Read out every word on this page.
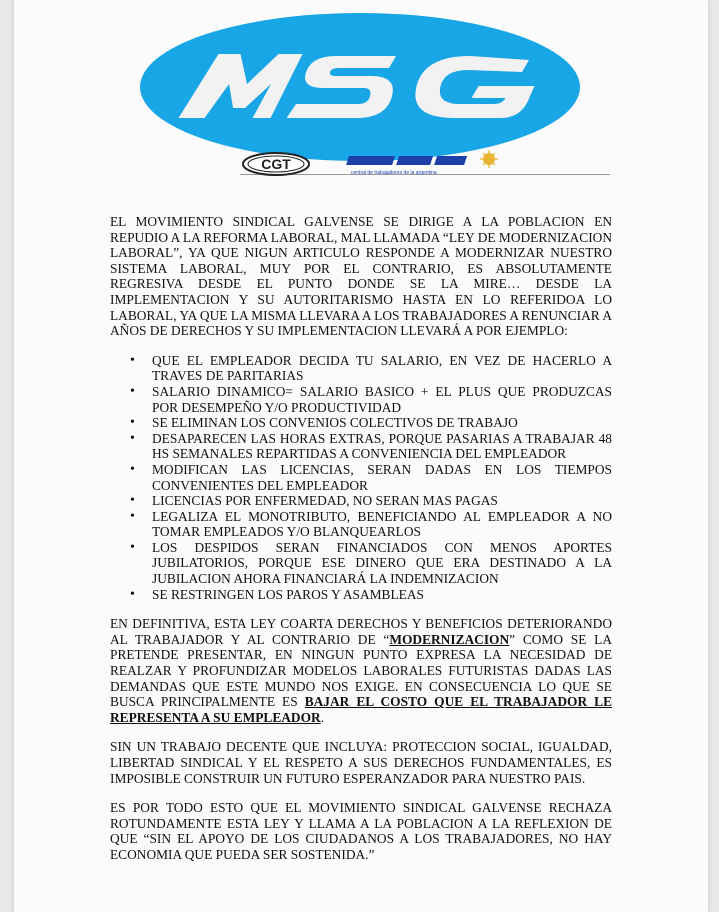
CGT
central de trabajadores de la argentina

EL MOVIMIENTO SINDICAL GALVENSE SE DIRIGE A LA POBLACION EN REPUDIO A LA REFORMA LABORAL, MAL LLAMADA “LEY DE MODERNIZACION LABORAL”, YA QUE NIGUN ARTICULO RESPONDE A MODERNIZAR NUESTRO SISTEMA LABORAL, MUY POR EL CONTRARIO, ES ABSOLUTAMENTE REGRESIVA DESDE EL PUNTO DONDE SE LA MIRE… DESDE LA IMPLEMENTACION Y SU AUTORITARISMO HASTA EN LO REFERIDOA LO LABORAL, YA QUE LA MISMA LLEVARA A LOS TRABAJADORES A RENUNCIAR A AÑOS DE DERECHOS Y SU IMPLEMENTACION LLEVARÁ A POR EJEMPLO:

• QUE EL EMPLEADOR DECIDA TU SALARIO, EN VEZ DE HACERLO A TRAVES DE PARITARIAS
• SALARIO DINAMICO= SALARIO BASICO + EL PLUS QUE PRODUZCAS POR DESEMPEÑO Y/O PRODUCTIVIDAD
• SE ELIMINAN LOS CONVENIOS COLECTIVOS DE TRABAJO
• DESAPARECEN LAS HORAS EXTRAS, PORQUE PASARIAS A TRABAJAR 48 HS SEMANALES REPARTIDAS A CONVENIENCIA DEL EMPLEADOR
• MODIFICAN LAS LICENCIAS, SERAN DADAS EN LOS TIEMPOS CONVENIENTES DEL EMPLEADOR
• LICENCIAS POR ENFERMEDAD, NO SERAN MAS PAGAS
• LEGALIZA EL MONOTRIBUTO, BENEFICIANDO AL EMPLEADOR A NO TOMAR EMPLEADOS Y/O BLANQUEARLOS
• LOS DESPIDOS SERAN FINANCIADOS CON MENOS APORTES JUBILATORIOS, PORQUE ESE DINERO QUE ERA DESTINADO A LA JUBILACION AHORA FINANCIARÁ LA INDEMNIZACION
• SE RESTRINGEN LOS PAROS Y ASAMBLEAS

EN DEFINITIVA, ESTA LEY COARTA DERECHOS Y BENEFICIOS DETERIORANDO AL TRABAJADOR Y AL CONTRARIO DE “MODERNIZACION” COMO SE LA PRETENDE PRESENTAR, EN NINGUN PUNTO EXPRESA LA NECESIDAD DE REALZAR Y PROFUNDIZAR MODELOS LABORALES FUTURISTAS DADAS LAS DEMANDAS QUE ESTE MUNDO NOS EXIGE. EN CONSECUENCIA LO QUE SE BUSCA PRINCIPALMENTE ES BAJAR EL COSTO QUE EL TRABAJADOR LE REPRESENTA A SU EMPLEADOR.

SIN UN TRABAJO DECENTE QUE INCLUYA: PROTECCION SOCIAL, IGUALDAD, LIBERTAD SINDICAL Y EL RESPETO A SUS DERECHOS FUNDAMENTALES, ES IMPOSIBLE CONSTRUIR UN FUTURO ESPERANZADOR PARA NUESTRO PAIS.

ES POR TODO ESTO QUE EL MOVIMIENTO SINDICAL GALVENSE RECHAZA ROTUNDAMENTE ESTA LEY Y LLAMA A LA POBLACION A LA REFLEXION DE QUE “SIN EL APOYO DE LOS CIUDADANOS A LOS TRABAJADORES, NO HAY ECONOMIA QUE PUEDA SER SOSTENIDA.”
